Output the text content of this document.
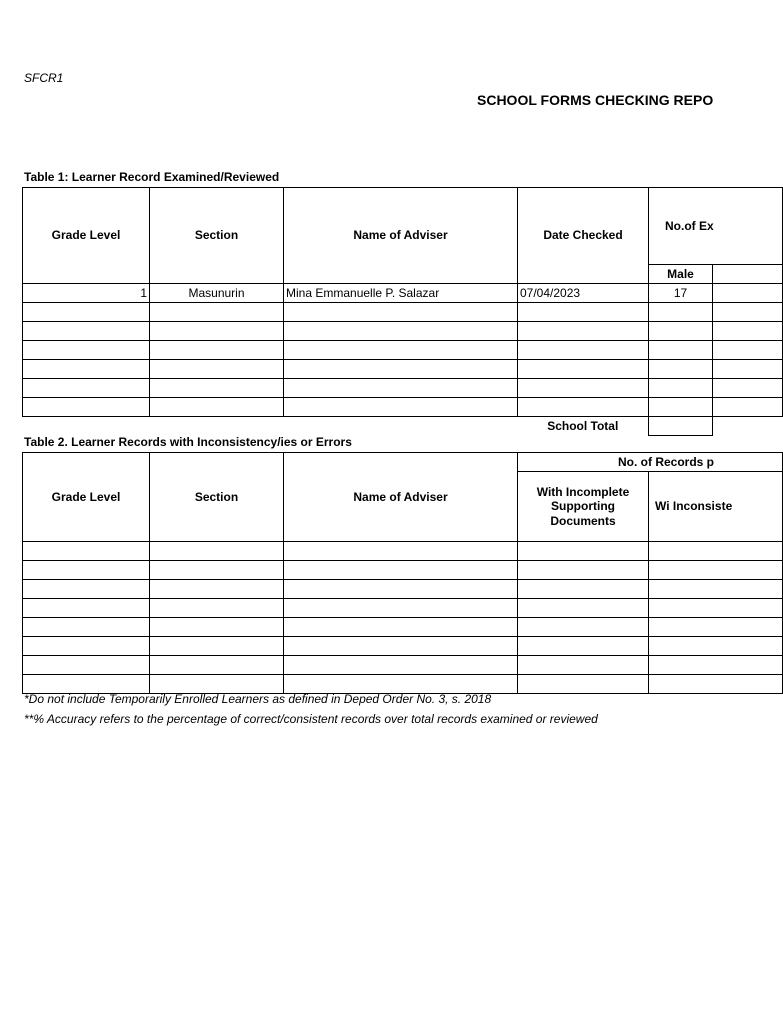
SFCR1
SCHOOL FORMS CHECKING REPO
Table 1: Learner Record Examined/Reviewed
Grade Level	Section	Name of Adviser	Date Checked	No.of Ex	
				Male	
1	Masunurin	Mina Emmanuelle P. Salazar	07/04/2023	17	

			School Total		
Table 2. Learner Records with Inconsistency/ies or Errors
Grade Level	Section	Name of Adviser	No. of Records p	
			With Incomplete Supporting Documents	Wi Inconsiste

*Do not include Temporarily Enrolled Learners as defined in Deped Order No. 3, s. 2018
**% Accuracy refers to the percentage of correct/consistent records over total records examined or reviewed
